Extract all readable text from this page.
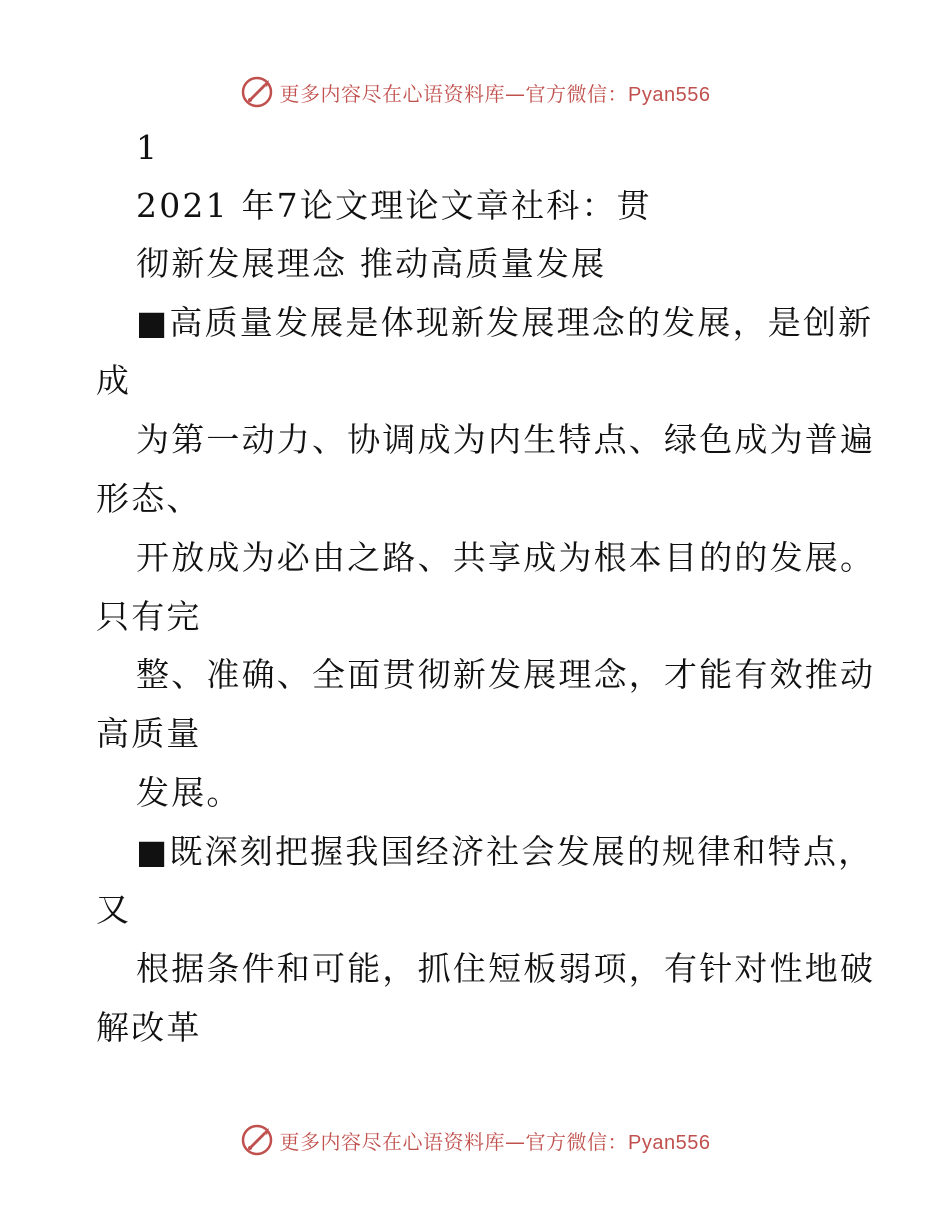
更多内容尽在心语资料库—官方微信：Pyan556
1
2021 年7论文理论文章社科：贯
彻新发展理念 推动高质量发展
■高质量发展是体现新发展理念的发展，是创新
成
为第一动力、协调成为内生特点、绿色成为普遍
形态、
开放成为必由之路、共享成为根本目的的发展。
只有完
整、准确、全面贯彻新发展理念，才能有效推动
高质量
发展。
■既深刻把握我国经济社会发展的规律和特点，
又
根据条件和可能，抓住短板弱项，有针对性地破
解改革
更多内容尽在心语资料库—官方微信：Pyan556
